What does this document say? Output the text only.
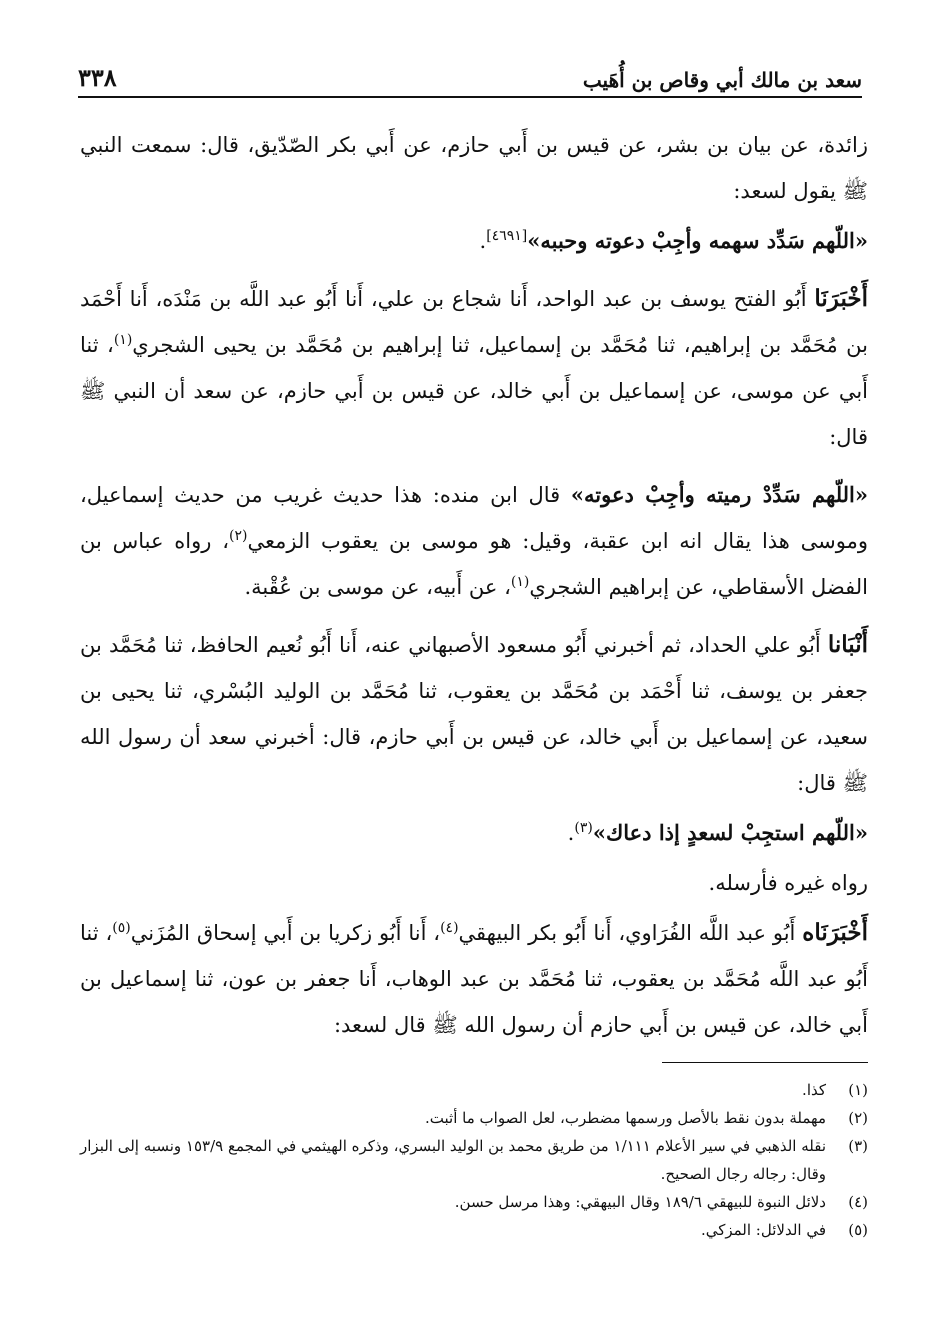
سعد بن مالك أبي وقاص بن أُهَيب
٣٣٨

زائدة، عن بيان بن بشر، عن قيس بن أَبي حازم، عن أَبي بكر الصّدّيق، قال: سمعت النبي ﷺ يقول لسعد:

«اللّهم سَدِّد سهمه وأجِبْ دعوته وحببه»[٤٦٩١].

أَخْبَرَنَا أَبُو الفتح يوسف بن عبد الواحد، أَنا شجاع بن علي، أَنا أَبُو عبد اللَّه بن مَنْدَه، أَنا أَحْمَد بن مُحَمَّد بن إبراهيم، ثنا مُحَمَّد بن إسماعيل، ثنا إبراهيم بن مُحَمَّد بن يحيى الشجري$^{(١)}$، ثنا أَبي عن موسى، عن إسماعيل بن أَبي خالد، عن قيس بن أَبي حازم، عن سعد أن النبي ﷺ قال:

«اللّهم سَدِّدْ رميته وأجِبْ دعوته» قال ابن منده: هذا حديث غريب من حديث إسماعيل، وموسى هذا يقال انه ابن عقبة، وقيل: هو موسى بن يعقوب الزمعي$^{(٢)}$، رواه عباس بن الفضل الأسقاطي، عن إبراهيم الشجري$^{(١)}$، عن أَبيه، عن موسى بن عُقْبة.

أَنْبَانا أَبُو علي الحداد، ثم أخبرني أَبُو مسعود الأصبهاني عنه، أَنا أَبُو نُعيم الحافظ، ثنا مُحَمَّد بن جعفر بن يوسف، ثنا أَحْمَد بن مُحَمَّد بن يعقوب، ثنا مُحَمَّد بن الوليد البُسْري، ثنا يحيى بن سعيد، عن إسماعيل بن أَبي خالد، عن قيس بن أَبي حازم، قال: أخبرني سعد أن رسول الله ﷺ قال:

«اللّهم استجِبْ لسعدٍ إذا دعاك»$^{(٣)}$.

رواه غيره فأرسله.

أَخْبَرَنَاه أَبُو عبد اللَّه الفُرَاوي، أَنا أَبُو بكر البيهقي$^{(٤)}$، أَنا أَبُو زكريا بن أَبي إسحاق المُزَني$^{(٥)}$، ثنا أَبُو عبد اللَّه مُحَمَّد بن يعقوب، ثنا مُحَمَّد بن عبد الوهاب، أَنا جعفر بن عون، ثنا إسماعيل بن أَبي خالد، عن قيس بن أَبي حازم أن رسول الله ﷺ قال لسعد:

(١)
كذا.
(٢)
مهملة بدون نقط بالأصل ورسمها مضطرب، لعل الصواب ما أثبت.
(٣)
نقله الذهبي في سير الأعلام ١/١١١ من طريق محمد بن الوليد البسري، وذكره الهيثمي في المجمع ١٥٣/٩ ونسبه إلى البزار وقال: رجاله رجال الصحيح.
(٤)
دلائل النبوة للبيهقي ١٨٩/٦ وقال البيهقي: وهذا مرسل حسن.
(٥)
في الدلائل: المزكي.
